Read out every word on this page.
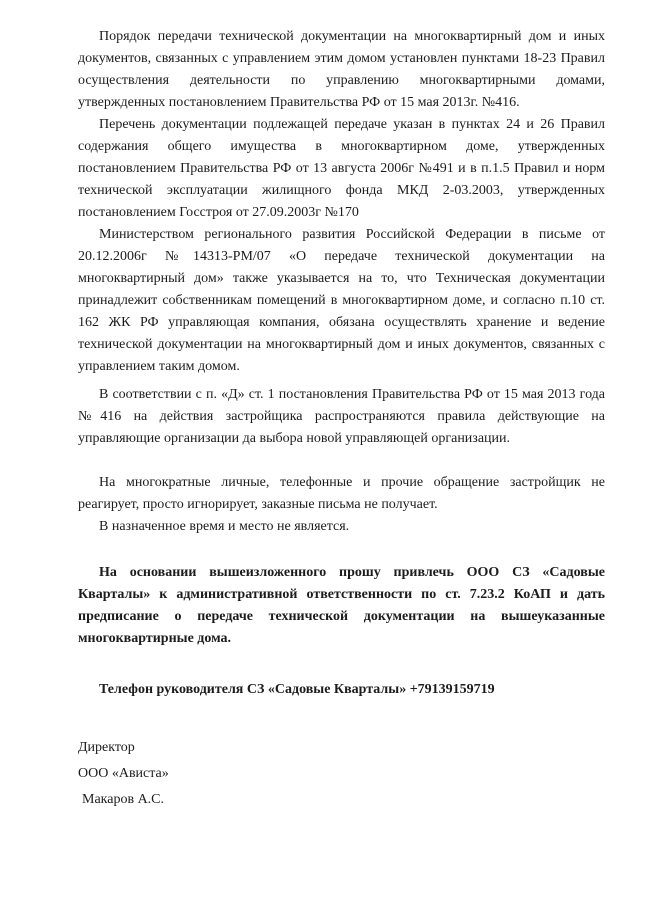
Порядок передачи технической документации на многоквартирный дом и иных документов, связанных с управлением этим домом установлен пунктами 18-23 Правил осуществления деятельности по управлению многоквартирными домами, утвержденных постановлением Правительства РФ от 15 мая 2013г. №416.

Перечень документации подлежащей передаче указан в пунктах 24 и 26 Правил содержания общего имущества в многоквартирном доме, утвержденных постановлением Правительства РФ от 13 августа 2006г №491 и в п.1.5 Правил и норм технической эксплуатации жилищного фонда МКД 2-03.2003, утвержденных постановлением Госстроя от 27.09.2003г №170

Министерством регионального развития Российской Федерации в письме от 20.12.2006г №14313-РМ/07 «О передаче технической документации на многоквартирный дом» также указывается на то, что Техническая документации принадлежит собственникам помещений в многоквартирном доме, и согласно п.10 ст. 162 ЖК РФ управляющая компания, обязана осуществлять хранение и ведение технической документации на многоквартирный дом и иных документов, связанных с управлением таким домом.

В соответствии с п. «Д» ст. 1 постановления Правительства РФ от 15 мая 2013 года №416 на действия застройщика распространяются правила действующие на управляющие организации да выбора новой управляющей организации.

На многократные личные, телефонные и прочие обращение застройщик не реагирует, просто игнорирует, заказные письма не получает.

В назначенное время и место не является.

На основании вышеизложенного прошу привлечь ООО СЗ «Садовые Кварталы» к административной ответственности по ст. 7.23.2 КоАП и дать предписание о передаче технической документации на вышеуказанные многоквартирные дома.

Телефон руководителя СЗ «Садовые Кварталы» +79139159719

Директор

ООО «Ависта»

Макаров А.С.
